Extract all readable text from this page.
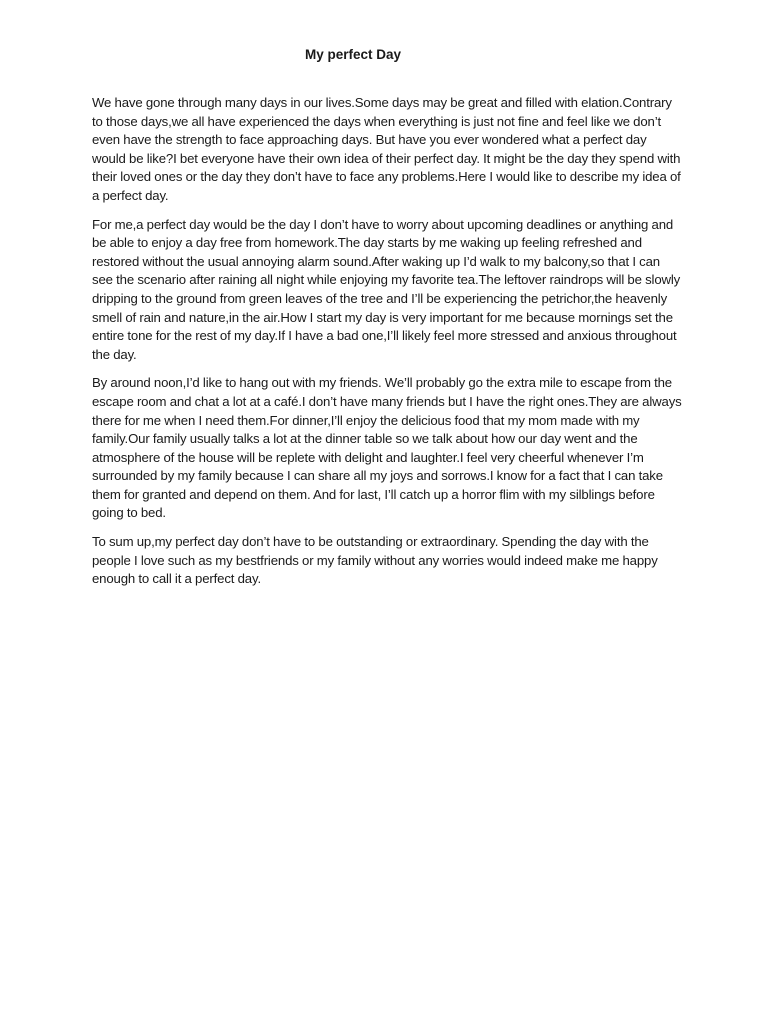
My perfect Day

We have gone through many days in our lives.Some days may be great and filled with elation.Contrary to those days,we all have experienced the days when everything is just not fine and feel like we don’t even have the strength to face approaching days. But have you ever wondered what a perfect day would be like?I bet everyone have their own idea of their perfect day. It might be the day they spend with their loved ones or the day they don’t have to face any problems.Here I would like to describe my idea of a perfect day.

For me,a perfect day would be the day I don’t have to worry about upcoming deadlines or anything and be able to enjoy a day free from homework.The day starts by me waking up feeling refreshed and restored without the usual annoying alarm sound.After waking up I’d walk to my balcony,so that I can see the scenario after raining all night while enjoying my favorite tea.The leftover raindrops will be slowly dripping to the ground from green leaves of the tree and I’ll be experiencing the petrichor,the heavenly smell of rain and nature,in the air.How I start my day is very important for me because mornings set the entire tone for the rest of my day.If I have a bad one,I’ll likely feel more stressed and anxious throughout the day.

By around noon,I’d like to hang out with my friends. We’ll probably go the extra mile to escape from the escape room and chat a lot at a café.I don’t have many friends but I have the right ones.They are always there for me when I need them.For dinner,I’ll enjoy the delicious food that my mom made with my family.Our family usually talks a lot at the dinner table so we talk about how our day went and the atmosphere of the house will be replete with delight and laughter.I feel very cheerful whenever I’m surrounded by my family because I can share all my joys and sorrows.I know for a fact that I can take them for granted and depend on them. And for last, I’ll catch up a horror flim with my silblings before going to bed.

To sum up,my perfect day don’t have to be outstanding or extraordinary. Spending the day with the people I love such as my bestfriends or my family without any worries would indeed make me happy enough to call it a perfect day.
